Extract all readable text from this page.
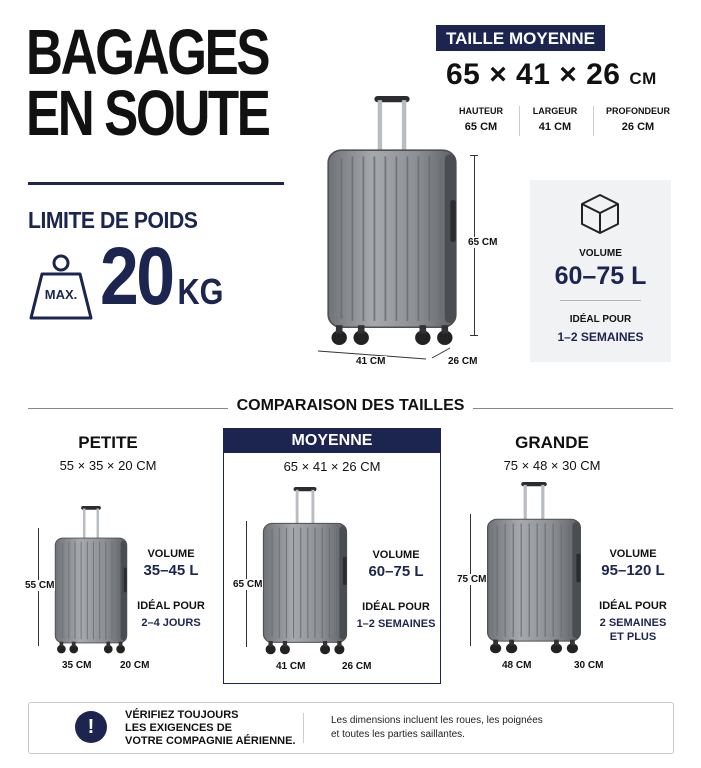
BAGAGES
EN SOUTE
LIMITE DE POIDS
MAX. 20 KG
TAILLE MOYENNE
65 × 41 × 26 CM
HAUTEUR
65 CM
LARGEUR
41 CM
PROFONDEUR
26 CM
65 CM
41 CM	26 CM
VOLUME
60–75 L
IDÉAL POUR
1–2 SEMAINES
COMPARAISON DES TAILLES
PETITE
55 × 35 × 20 CM
55 CM
35 CM	20 CM
VOLUME
35–45 L
IDÉAL POUR
2–4 JOURS
MOYENNE
65 × 41 × 26 CM
65 CM
41 CM	26 CM
VOLUME
60–75 L
IDÉAL POUR
1–2 SEMAINES
GRANDE
75 × 48 × 30 CM
75 CM
48 CM	30 CM
VOLUME
95–120 L
IDÉAL POUR
2 SEMAINES
ET PLUS
!
VÉRIFIEZ TOUJOURS
LES EXIGENCES DE
VOTRE COMPAGNIE AÉRIENNE.
Les dimensions incluent les roues, les poignées
et toutes les parties saillantes.
